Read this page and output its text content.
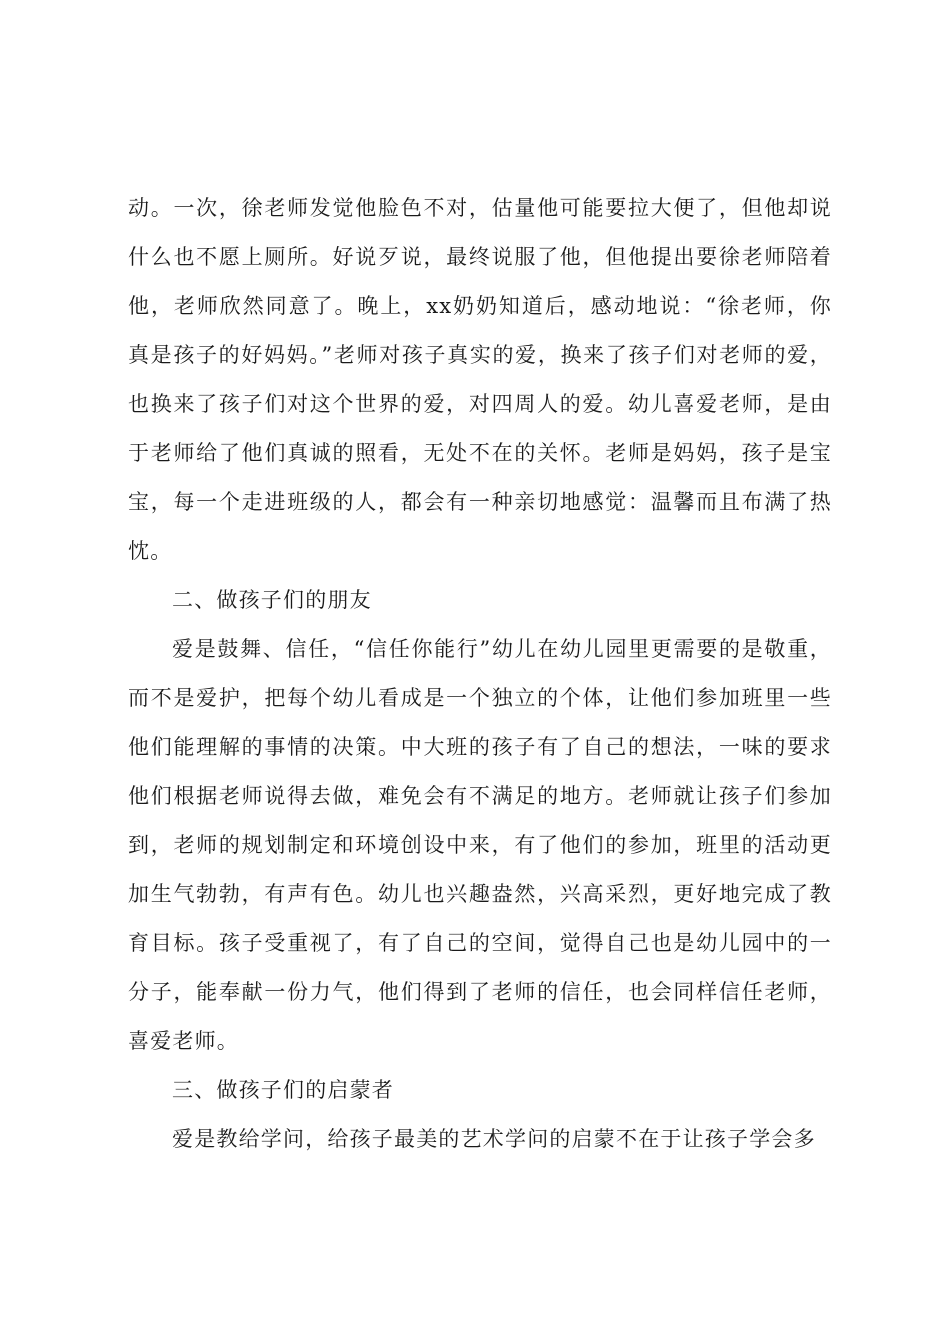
动。一次，徐老师发觉他脸色不对，估量他可能要拉大便了，但他却说什么也不愿上厕所。好说歹说，最终说服了他，但他提出要徐老师陪着他，老师欣然同意了。晚上，xx奶奶知道后，感动地说：“徐老师，你真是孩子的好妈妈。”老师对孩子真实的爱，换来了孩子们对老师的爱，也换来了孩子们对这个世界的爱，对四周人的爱。幼儿喜爱老师，是由于老师给了他们真诚的照看，无处不在的关怀。老师是妈妈，孩子是宝宝，每一个走进班级的人，都会有一种亲切地感觉：温馨而且布满了热忱。

二、做孩子们的朋友

爱是鼓舞、信任，“信任你能行”幼儿在幼儿园里更需要的是敬重，而不是爱护，把每个幼儿看成是一个独立的个体，让他们参加班里一些他们能理解的事情的决策。中大班的孩子有了自己的想法，一味的要求他们根据老师说得去做，难免会有不满足的地方。老师就让孩子们参加到，老师的规划制定和环境创设中来，有了他们的参加，班里的活动更加生气勃勃，有声有色。幼儿也兴趣盎然，兴高采烈，更好地完成了教育目标。孩子受重视了，有了自己的空间，觉得自己也是幼儿园中的一分子，能奉献一份力气，他们得到了老师的信任，也会同样信任老师，喜爱老师。

三、做孩子们的启蒙者

爱是教给学问，给孩子最美的艺术学问的启蒙不在于让孩子学会多
